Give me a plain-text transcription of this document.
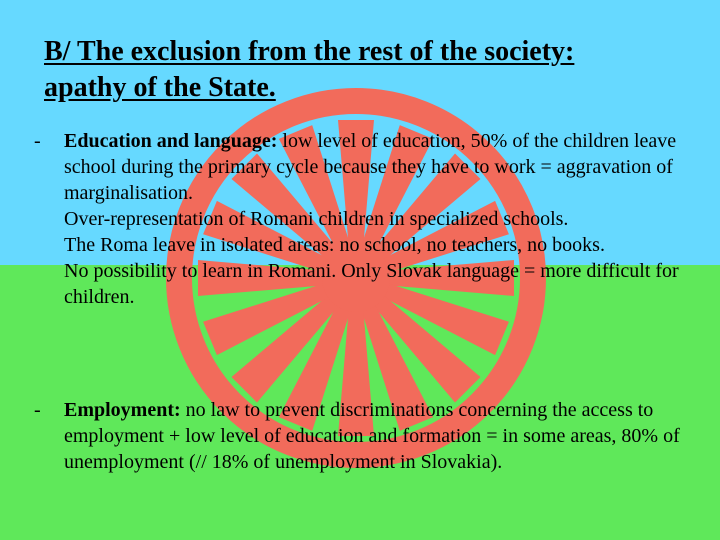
B/ The exclusion from the rest of the society:
apathy of the State.
-	Education and language: low level of education, 50% of the children leave school during the primary cycle because they have to work = aggravation of marginalisation.

Over-representation of Romani children in specialized schools.

The Roma leave in isolated areas: no school, no teachers, no books.

No possibility to learn in Romani. Only Slovak language = more difficult for children.

-	Employment: no law to prevent discriminations concerning the access to employment + low level of education and formation = in some areas, 80% of unemployment (// 18% of unemployment in Slovakia).
